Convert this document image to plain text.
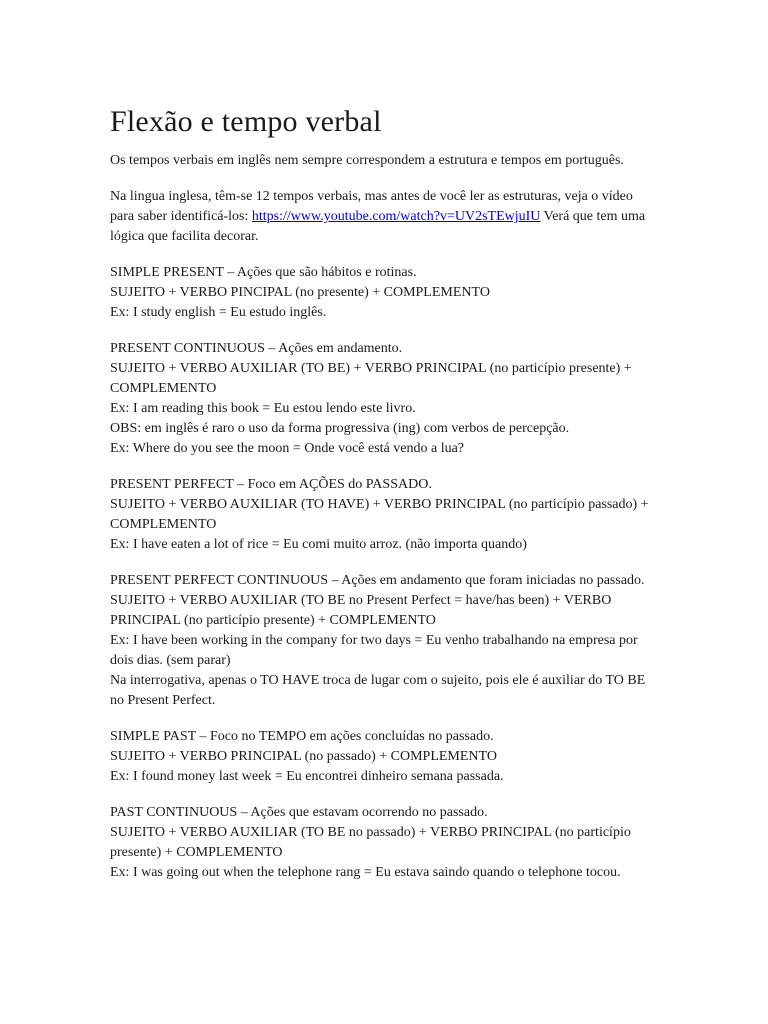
Flexão e tempo verbal

Os tempos verbais em inglês nem sempre correspondem a estrutura e tempos em português.

Na lingua inglesa, têm-se 12 tempos verbais, mas antes de você ler as estruturas, veja o vídeo para saber identificá-los: https://www.youtube.com/watch?v=UV2sTEwjuIU Verá que tem uma lógica que facilita decorar.

SIMPLE PRESENT – Ações que são hábitos e rotinas.
SUJEITO + VERBO PINCIPAL (no presente) + COMPLEMENTO
Ex: I study english = Eu estudo inglês.

PRESENT CONTINUOUS – Ações em andamento.
SUJEITO + VERBO AUXILIAR (TO BE) + VERBO PRINCIPAL (no particípio presente) + COMPLEMENTO
Ex: I am reading this book = Eu estou lendo este livro.
OBS: em inglês é raro o uso da forma progressiva (ing) com verbos de percepção.
Ex: Where do you see the moon = Onde você está vendo a lua?

PRESENT PERFECT – Foco em AÇÕES do PASSADO.
SUJEITO + VERBO AUXILIAR (TO HAVE) + VERBO PRINCIPAL (no particípio passado) + COMPLEMENTO
Ex: I have eaten a lot of rice = Eu comi muito arroz. (não importa quando)

PRESENT PERFECT CONTINUOUS – Ações em andamento que foram iniciadas no passado.
SUJEITO + VERBO AUXILIAR (TO BE no Present Perfect = have/has been) + VERBO PRINCIPAL (no particípio presente) + COMPLEMENTO
Ex: I have been working in the company for two days = Eu venho trabalhando na empresa por dois dias. (sem parar)
Na interrogativa, apenas o TO HAVE troca de lugar com o sujeito, pois ele é auxiliar do TO BE no Present Perfect.

SIMPLE PAST – Foco no TEMPO em ações concluídas no passado.
SUJEITO + VERBO PRINCIPAL (no passado) + COMPLEMENTO
Ex: I found money last week = Eu encontrei dinheiro semana passada.

PAST CONTINUOUS – Ações que estavam ocorrendo no passado.
SUJEITO + VERBO AUXILIAR (TO BE no passado) + VERBO PRINCIPAL (no particípio presente) + COMPLEMENTO
Ex: I was going out when the telephone rang = Eu estava saindo quando o telephone tocou.
